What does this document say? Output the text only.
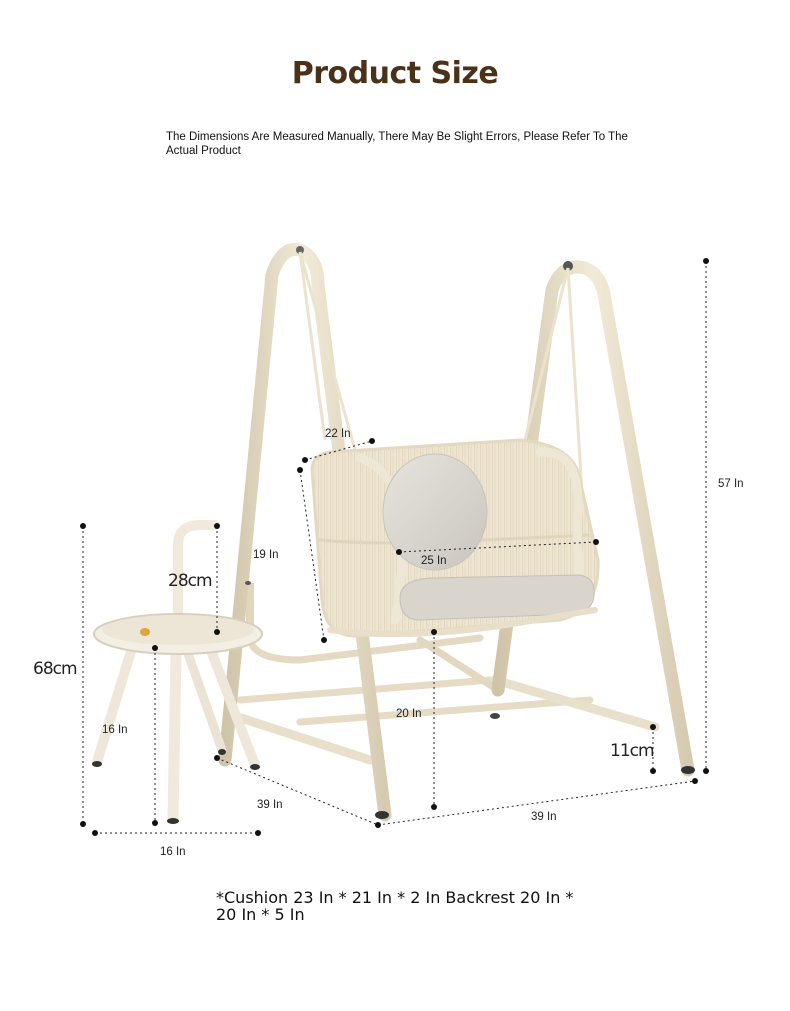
Product Size
The Dimensions Are Measured Manually, There May Be Slight Errors, Please Refer To The Actual Product
68cm
28cm
16 In
16 In
22 In
19 In	25 In
20 In
57 In
11cm
39 In
39 In
*Cushion 23 In * 21 In * 2 In Backrest 20 In * 20 In * 5 In
